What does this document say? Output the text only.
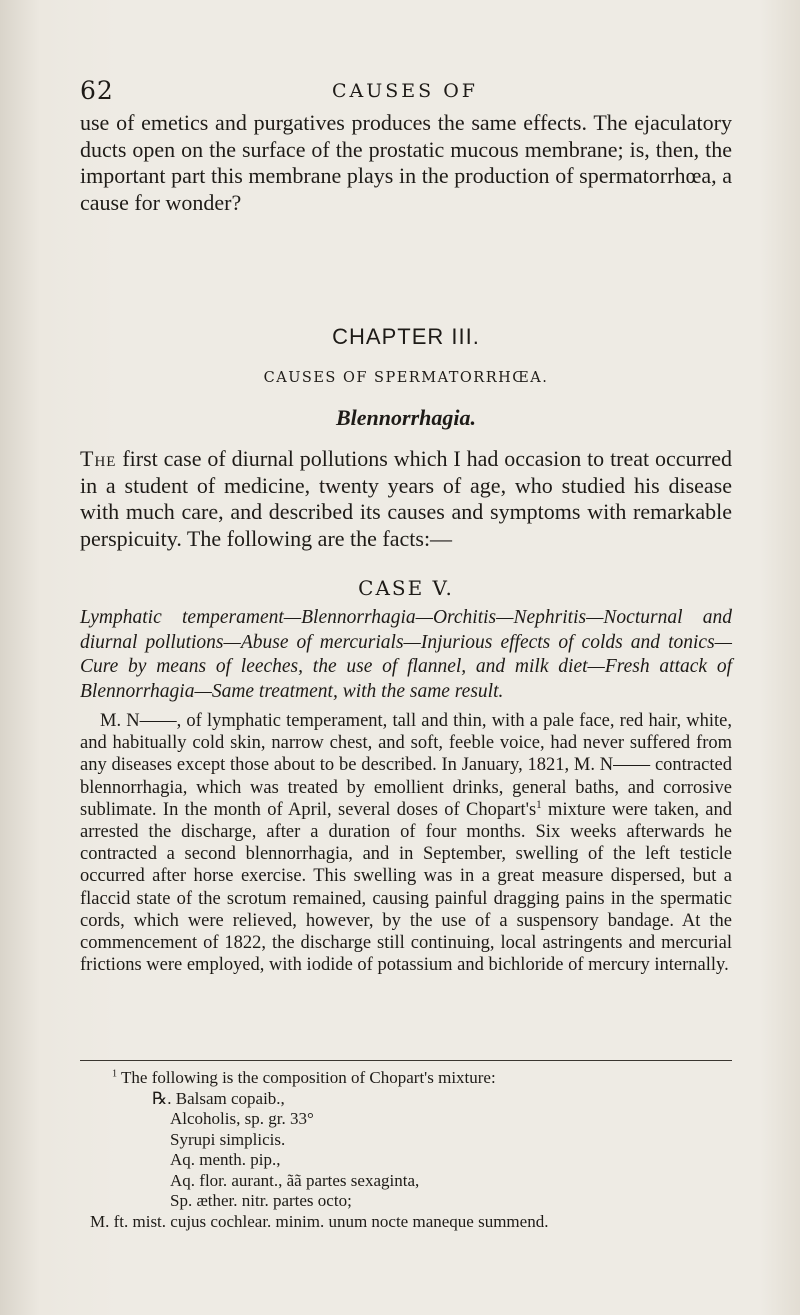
62	CAUSES OF
use of emetics and purgatives produces the same effects. The ejaculatory ducts open on the surface of the prostatic mucous membrane; is, then, the important part this membrane plays in the production of spermatorrhœa, a cause for wonder?
CHAPTER III.
CAUSES OF SPERMATORRHŒA.
Blennorrhagia.
The first case of diurnal pollutions which I had occasion to treat occurred in a student of medicine, twenty years of age, who studied his disease with much care, and described its causes and symptoms with remarkable perspicuity. The following are the facts:—
CASE V.
Lymphatic temperament—Blennorrhagia—Orchitis—Nephritis—Nocturnal and diurnal pollutions—Abuse of mercurials—Injurious effects of colds and tonics—Cure by means of leeches, the use of flannel, and milk diet—Fresh attack of Blennorrhagia—Same treatment, with the same result.
M. N——, of lymphatic temperament, tall and thin, with a pale face, red hair, white, and habitually cold skin, narrow chest, and soft, feeble voice, had never suffered from any diseases except those about to be described. In January, 1821, M. N—— contracted blennorrhagia, which was treated by emollient drinks, general baths, and corrosive sublimate. In the month of April, several doses of $Chopart's^1$ mixture were taken, and arrested the discharge, after a duration of four months. Six weeks afterwards he contracted a second blennorrhagia, and in September, swelling of the left testicle occurred after horse exercise. This swelling was in a great measure dispersed, but a flaccid state of the scrotum remained, causing painful dragging pains in the spermatic cords, which were relieved, however, by the use of a suspensory bandage. At the commencement of 1822, the discharge still continuing, local astringents and mercurial frictions were employed, with iodide of potassium and bichloride of mercury internally.
$^1$ The following is the composition of Chopart's mixture:
℞. Balsam copaib.,
Alcoholis, sp. gr. 33°
Syrupi simplicis.
Aq. menth. pip.,
Aq. flor. aurant., ãã partes sexaginta,
Sp. æther. nitr. partes octo;
M. ft. mist. cujus cochlear. minim. unum nocte maneque summend.
